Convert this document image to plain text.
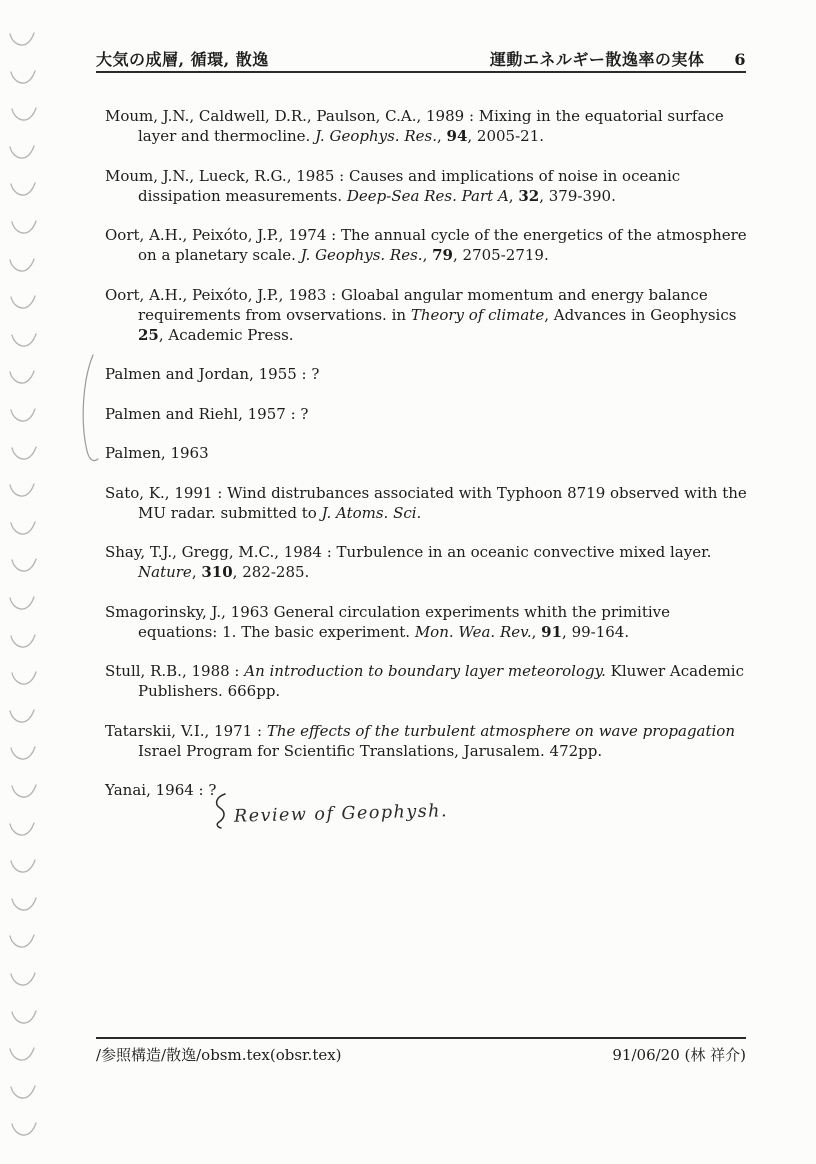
大気の成層, 循環, 散逸	運動エネルギー散逸率の実体 6

Moum, J.N., Caldwell, D.R., Paulson, C.A., 1989 : Mixing in the equatorial surface layer and thermocline. J. Geophys. Res., 94, 2005-21.

Moum, J.N., Lueck, R.G., 1985 : Causes and implications of noise in oceanic dissipation measurements. Deep-Sea Res. Part A, 32, 379-390.

Oort, A.H., Peixóto, J.P., 1974 : The annual cycle of the energetics of the atmosphere on a planetary scale. J. Geophys. Res., 79, 2705-2719.

Oort, A.H., Peixóto, J.P., 1983 : Gloabal angular momentum and energy balance requirements from ovservations. in Theory of climate, Advances in Geophysics 25, Academic Press.

Palmen and Jordan, 1955 : ?

Palmen and Riehl, 1957 : ?

Palmen, 1963

Sato, K., 1991 : Wind distrubances associated with Typhoon 8719 observed with the MU radar. submitted to J. Atoms. Sci.

Shay, T.J., Gregg, M.C., 1984 : Turbulence in an oceanic convective mixed layer. Nature, 310, 282-285.

Smagorinsky, J., 1963 General circulation experiments whith the primitive equations: 1. The basic experiment. Mon. Wea. Rev., 91, 99-164.

Stull, R.B., 1988 : An introduction to boundary layer meteorology. Kluwer Academic Publishers. 666pp.

Tatarskii, V.I., 1971 : The effects of the turbulent atmosphere on wave propagation Israel Program for Scientific Translations, Jarusalem. 472pp.

Yanai, 1964 : ?

Review of Geophysh.
/参照構造/散逸/obsm.tex(obsr.tex)	91/06/20 (林 祥介)
